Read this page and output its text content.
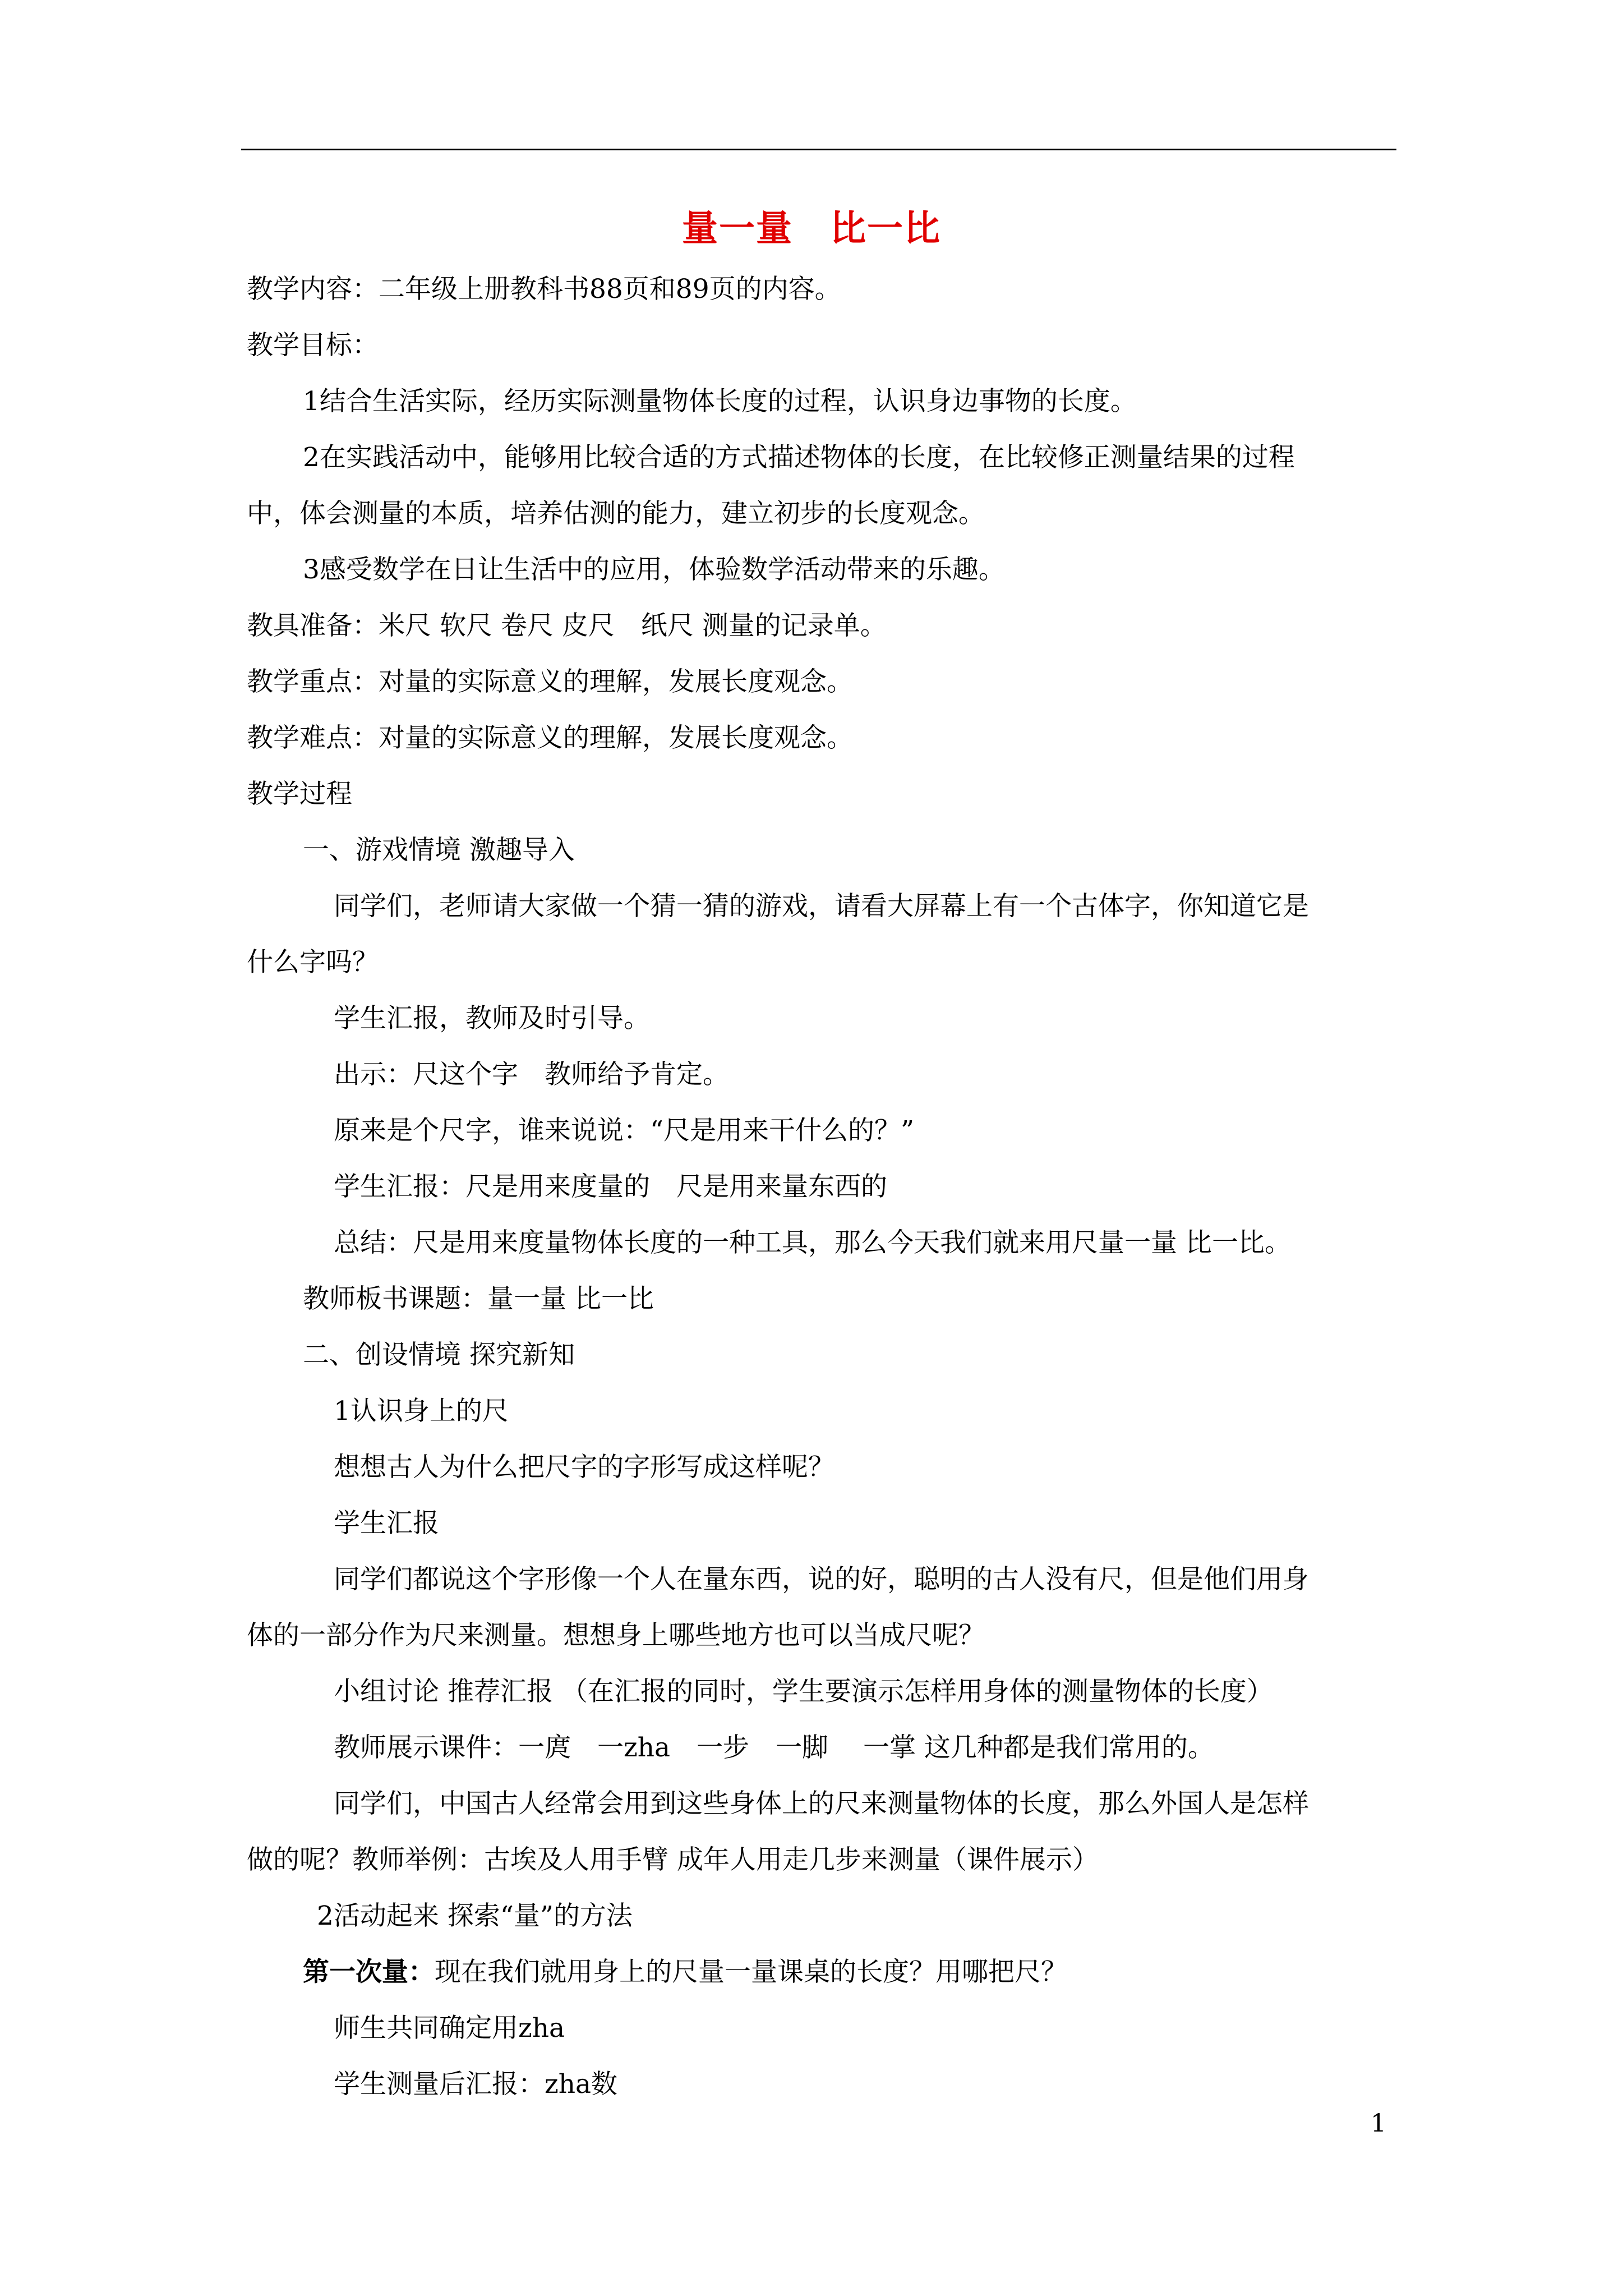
量一量　比一比
教学内容：二年级上册教科书88页和89页的内容。
教学目标：
1结合生活实际，经历实际测量物体长度的过程，认识身边事物的长度。
2在实践活动中，能够用比较合适的方式描述物体的长度，在比较修正测量结果的过程
中，体会测量的本质，培养估测的能力，建立初步的长度观念。
3感受数学在日让生活中的应用，体验数学活动带来的乐趣。
教具准备：米尺 软尺 卷尺 皮尺　纸尺 测量的记录单。
教学重点：对量的实际意义的理解，发展长度观念。
教学难点：对量的实际意义的理解，发展长度观念。
教学过程
一、游戏情境 激趣导入
同学们，老师请大家做一个猜一猜的游戏，请看大屏幕上有一个古体字，你知道它是
什么字吗？
学生汇报，教师及时引导。
出示：尺这个字　教师给予肯定。
原来是个尺字，谁来说说：“尺是用来干什么的？”
学生汇报：尺是用来度量的　尺是用来量东西的
总结：尺是用来度量物体长度的一种工具，那么今天我们就来用尺量一量 比一比。
教师板书课题：量一量 比一比
二、创设情境 探究新知
1认识身上的尺
想想古人为什么把尺字的字形写成这样呢？
学生汇报
同学们都说这个字形像一个人在量东西，说的好，聪明的古人没有尺，但是他们用身
体的一部分作为尺来测量。想想身上哪些地方也可以当成尺呢？
小组讨论 推荐汇报 （在汇报的同时，学生要演示怎样用身体的测量物体的长度）
教师展示课件：一庹　一zha　一步　一脚　 一掌 这几种都是我们常用的。
同学们，中国古人经常会用到这些身体上的尺来测量物体的长度，那么外国人是怎样
做的呢？教师举例：古埃及人用手臂 成年人用走几步来测量（课件展示）
2活动起来 探索“量”的方法
第一次量：现在我们就用身上的尺量一量课桌的长度？用哪把尺？
师生共同确定用zha
学生测量后汇报：zha数
1
